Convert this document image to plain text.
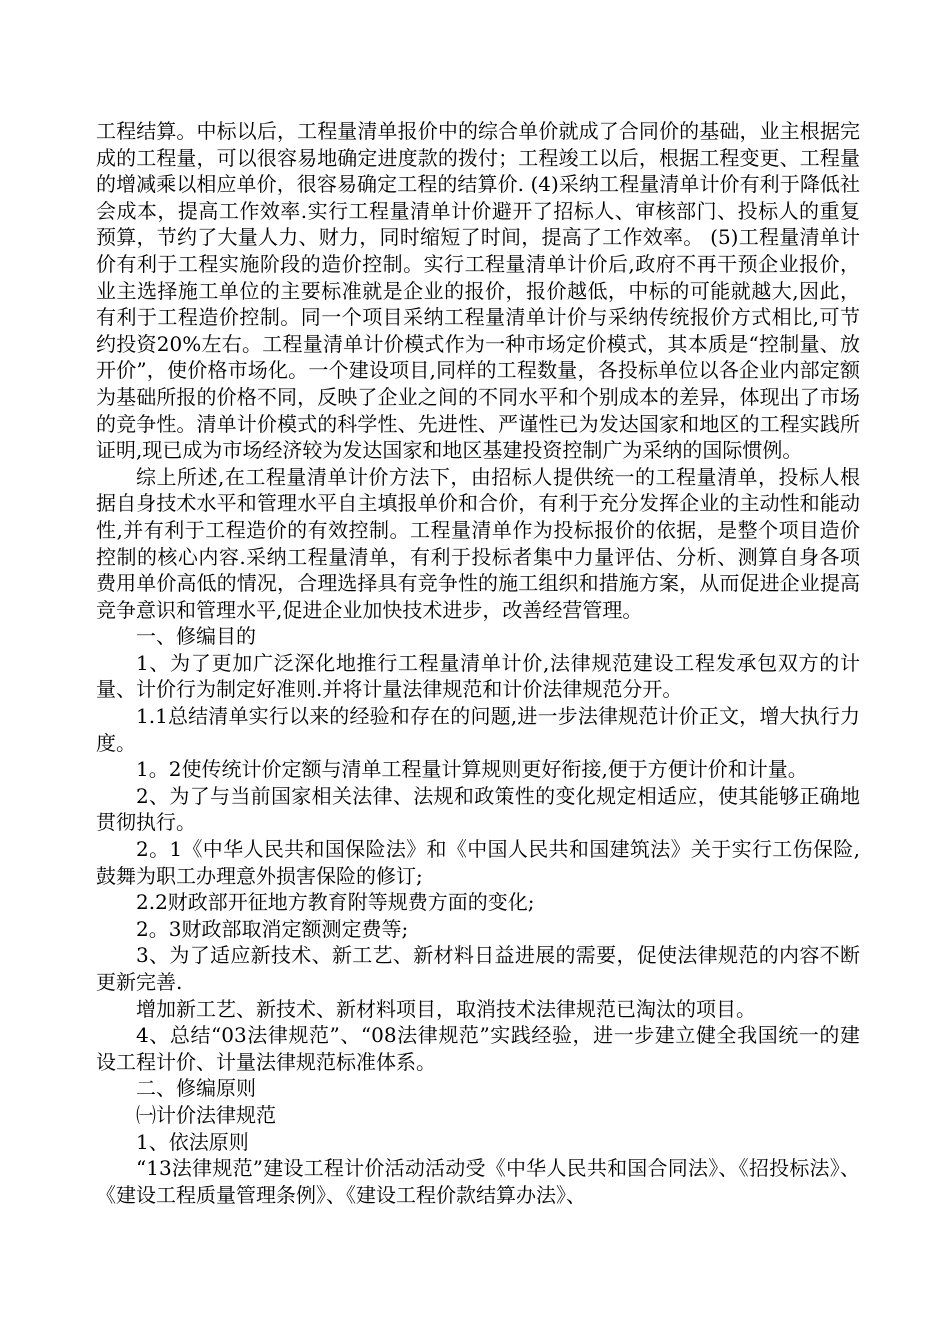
工程结算。中标以后，工程量清单报价中的综合单价就成了合同价的基础，业主根据完成的工程量，可以很容易地确定进度款的拨付；工程竣工以后，根据工程变更、工程量的增减乘以相应单价，很容易确定工程的结算价. (4)采纳工程量清单计价有利于降低社会成本，提高工作效率.实行工程量清单计价避开了招标人、审核部门、投标人的重复预算，节约了大量人力、财力，同时缩短了时间，提高了工作效率。 (5)工程量清单计价有利于工程实施阶段的造价控制。实行工程量清单计价后,政府不再干预企业报价，业主选择施工单位的主要标准就是企业的报价，报价越低，中标的可能就越大,因此，有利于工程造价控制。同一个项目采纳工程量清单计价与采纳传统报价方式相比,可节约投资20%左右。工程量清单计价模式作为一种市场定价模式，其本质是“控制量、放开价”，使价格市场化。一个建设项目,同样的工程数量，各投标单位以各企业内部定额为基础所报的价格不同，反映了企业之间的不同水平和个别成本的差异，体现出了市场的竞争性。清单计价模式的科学性、先进性、严谨性已为发达国家和地区的工程实践所证明,现已成为市场经济较为发达国家和地区基建投资控制广为采纳的国际惯例。

综上所述,在工程量清单计价方法下，由招标人提供统一的工程量清单，投标人根据自身技术水平和管理水平自主填报单价和合价，有利于充分发挥企业的主动性和能动性,并有利于工程造价的有效控制。工程量清单作为投标报价的依据，是整个项目造价控制的核心内容.采纳工程量清单，有利于投标者集中力量评估、分析、测算自身各项费用单价高低的情况，合理选择具有竞争性的施工组织和措施方案，从而促进企业提高竞争意识和管理水平,促进企业加快技术进步，改善经营管理。

一、修编目的

1、为了更加广泛深化地推行工程量清单计价,法律规范建设工程发承包双方的计量、计价行为制定好准则.并将计量法律规范和计价法律规范分开。

1.1总结清单实行以来的经验和存在的问题,进一步法律规范计价正文，增大执行力度。

1。2使传统计价定额与清单工程量计算规则更好衔接,便于方便计价和计量。

2、为了与当前国家相关法律、法规和政策性的变化规定相适应，使其能够正确地贯彻执行。

2。1《中华人民共和国保险法》和《中国人民共和国建筑法》关于实行工伤保险,鼓舞为职工办理意外损害保险的修订;

2.2财政部开征地方教育附等规费方面的变化;

2。3财政部取消定额测定费等;

3、为了适应新技术、新工艺、新材料日益进展的需要，促使法律规范的内容不断更新完善.

增加新工艺、新技术、新材料项目，取消技术法律规范已淘汰的项目。

4、总结“03法律规范”、“08法律规范”实践经验，进一步建立健全我国统一的建设工程计价、计量法律规范标准体系。

二、修编原则

㈠计价法律规范

1、依法原则

“13法律规范”建设工程计价活动活动受《中华人民共和国合同法》、《招投标法》、《建设工程质量管理条例》、《建设工程价款结算办法》、
